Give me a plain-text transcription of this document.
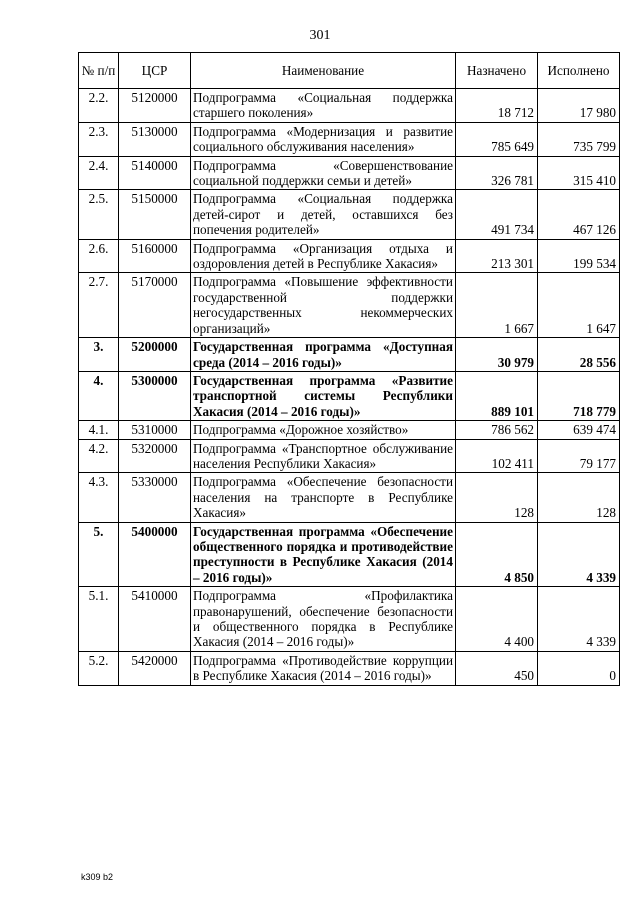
301
№ п/п	ЦСР	Наименование	Назначено	Исполнено
2.2.	5120000	Подпрограмма «Социальная поддержка старшего поколения»	18 712	17 980
2.3.	5130000	Подпрограмма «Модернизация и развитие социального обслуживания населения»	785 649	735 799
2.4.	5140000	Подпрограмма «Совершенствование социальной поддержки семьи и детей»	326 781	315 410
2.5.	5150000	Подпрограмма «Социальная поддержка детей-сирот и детей, оставшихся без попечения родителей»	491 734	467 126
2.6.	5160000	Подпрограмма «Организация отдыха и оздоровления детей в Республике Хакасия»	213 301	199 534
2.7.	5170000	Подпрограмма «Повышение эффективности государственной поддержки негосударственных некоммерческих организаций»	1 667	1 647
3.	5200000	Государственная программа «Доступная среда (2014 – 2016 годы)»	30 979	28 556
4.	5300000	Государственная программа «Развитие транспортной системы Республики Хакасия (2014 – 2016 годы)»	889 101	718 779
4.1.	5310000	Подпрограмма «Дорожное хозяйство»	786 562	639 474
4.2.	5320000	Подпрограмма «Транспортное обслуживание населения Республики Хакасия»	102 411	79 177
4.3.	5330000	Подпрограмма «Обеспечение безопасности населения на транспорте в Республике Хакасия»	128	128
5.	5400000	Государственная программа «Обеспечение общественного порядка и противодействие преступности в Республике Хакасия (2014 – 2016 годы)»	4 850	4 339
5.1.	5410000	Подпрограмма «Профилактика правонарушений, обеспечение безопасности и общественного порядка в Республике Хакасия (2014 – 2016 годы)»	4 400	4 339
5.2.	5420000	Подпрограмма «Противодействие коррупции в Республике Хакасия (2014 – 2016 годы)»	450	0
k309 b2
